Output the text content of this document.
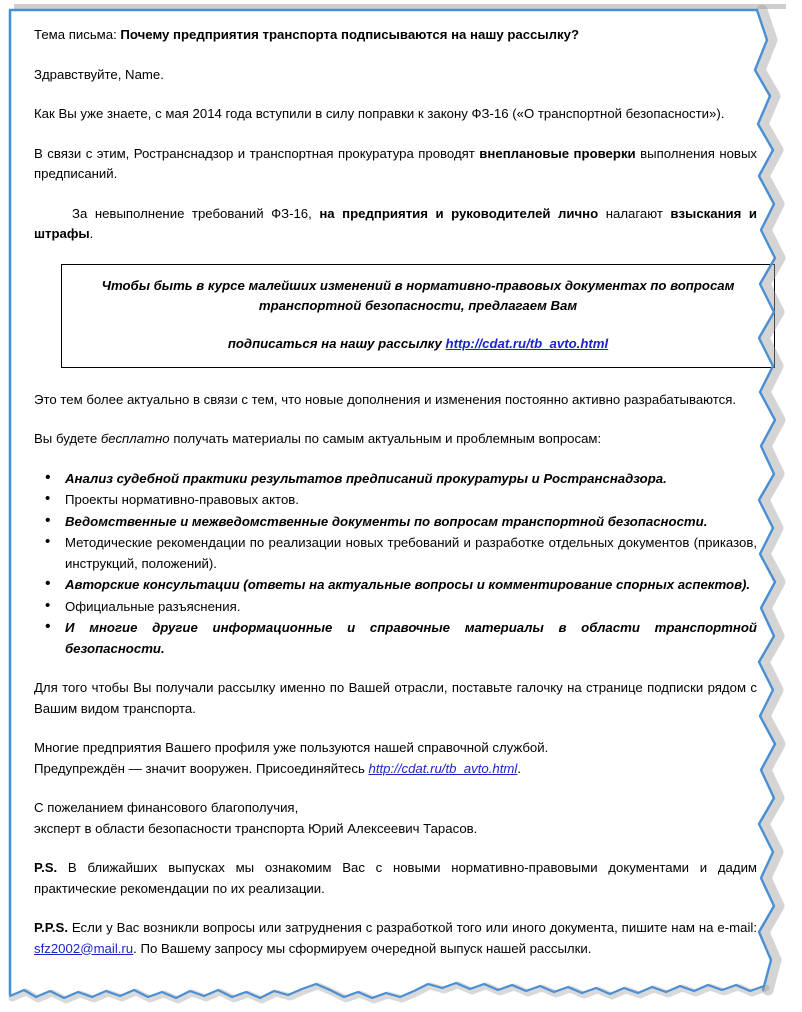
Тема письма: Почему предприятия транспорта подписываются на нашу рассылку?

Здравствуйте, Name.

Как Вы уже знаете, с мая 2014 года вступили в силу поправки к закону ФЗ-16 («О транспортной безопасности»).

В связи с этим, Ространснадзор и транспортная прокуратура проводят внеплановые проверки выполнения новых предписаний.

За невыполнение требований ФЗ-16, на предприятия и руководителей лично налагают взыскания и штрафы.

Чтобы быть в курсе малейших изменений в нормативно-правовых документах по вопросам транспортной безопасности, предлагаем Вам

подписаться на нашу рассылку http://cdat.ru/tb_avto.html

Это тем более актуально в связи с тем, что новые дополнения и изменения постоянно активно разрабатываются.

Вы будете бесплатно получать материалы по самым актуальным и проблемным вопросам:

• Анализ судебной практики результатов предписаний прокуратуры и Ространснадзора.
• Проекты нормативно-правовых актов.
• Ведомственные и межведомственные документы по вопросам транспортной безопасности.
• Методические рекомендации по реализации новых требований и разработке отдельных документов (приказов, инструкций, положений).
• Авторские консультации (ответы на актуальные вопросы и комментирование спорных аспектов).
• Официальные разъяснения.
• И многие другие информационные и справочные материалы в области транспортной безопасности.

Для того чтобы Вы получали рассылку именно по Вашей отрасли, поставьте галочку на странице подписки рядом с Вашим видом транспорта.

Многие предприятия Вашего профиля уже пользуются нашей справочной службой.
Предупреждён — значит вооружен. Присоединяйтесь http://cdat.ru/tb_avto.html.

С пожеланием финансового благополучия,
эксперт в области безопасности транспорта Юрий Алексеевич Тарасов.

P.S. В ближайших выпусках мы ознакомим Вас с новыми нормативно-правовыми документами и дадим практические рекомендации по их реализации.

P.P.S. Если у Вас возникли вопросы или затруднения с разработкой того или иного документа, пишите нам на e-mail: sfz2002@mail.ru. По Вашему запросу мы сформируем очередной выпуск нашей рассылки.
